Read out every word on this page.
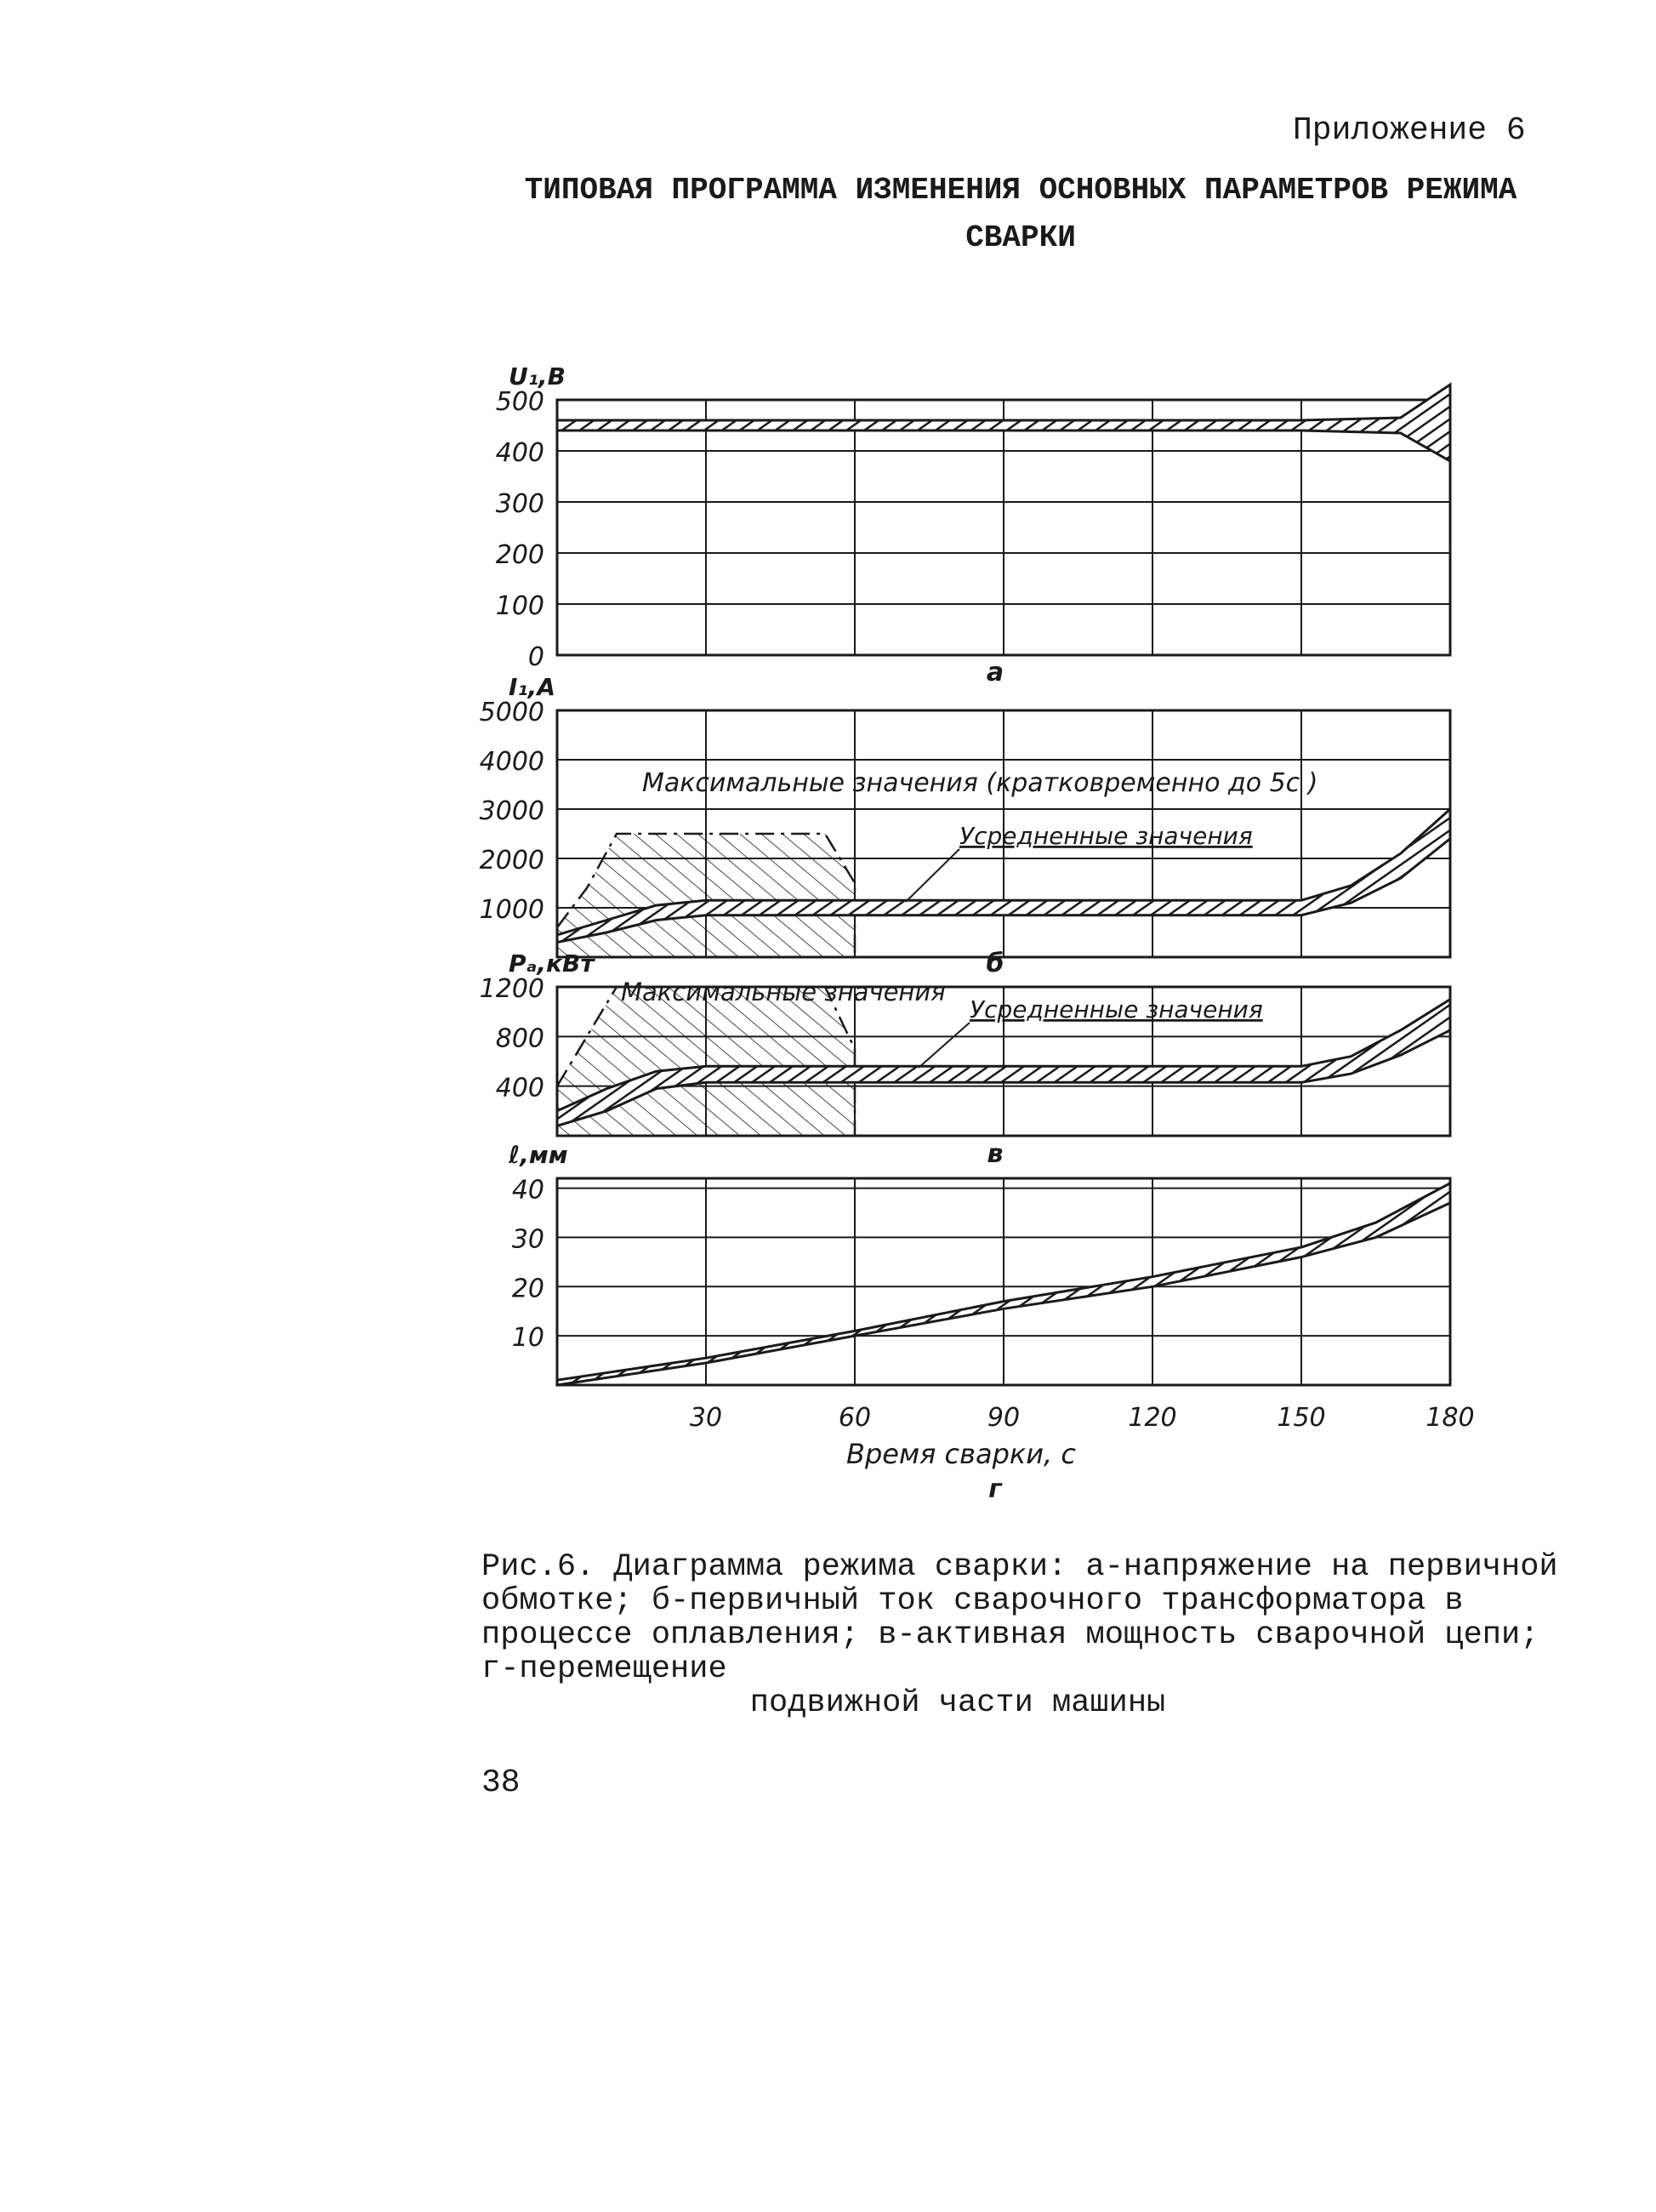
Приложение 6
ТИПОВАЯ ПРОГРАММА ИЗМЕНЕНИЯ ОСНОВНЫХ ПАРАМЕТРОВ РЕЖИМА
СВАРКИ
0
100
200
300
400
500
U₁,В
а
1000
2000
3000
4000
5000
I₁,А
Максимальные значения (кратковременно до 5с )
Усредненные значения
б
400
800
1200
Pₐ,кВт
Максимальные значения
Усредненные значения
в
10
20
30
40
ℓ,мм
30	60	90	120	150	180
Время сварки, с
г
Рис.6. Диаграмма режима сварки: а-напряжение на первичной обмотке; б-первичный ток сварочного трансформатора в процессе оплавления; в-активная мощность сварочной цепи; г-перемещение
подвижной части машины
38
